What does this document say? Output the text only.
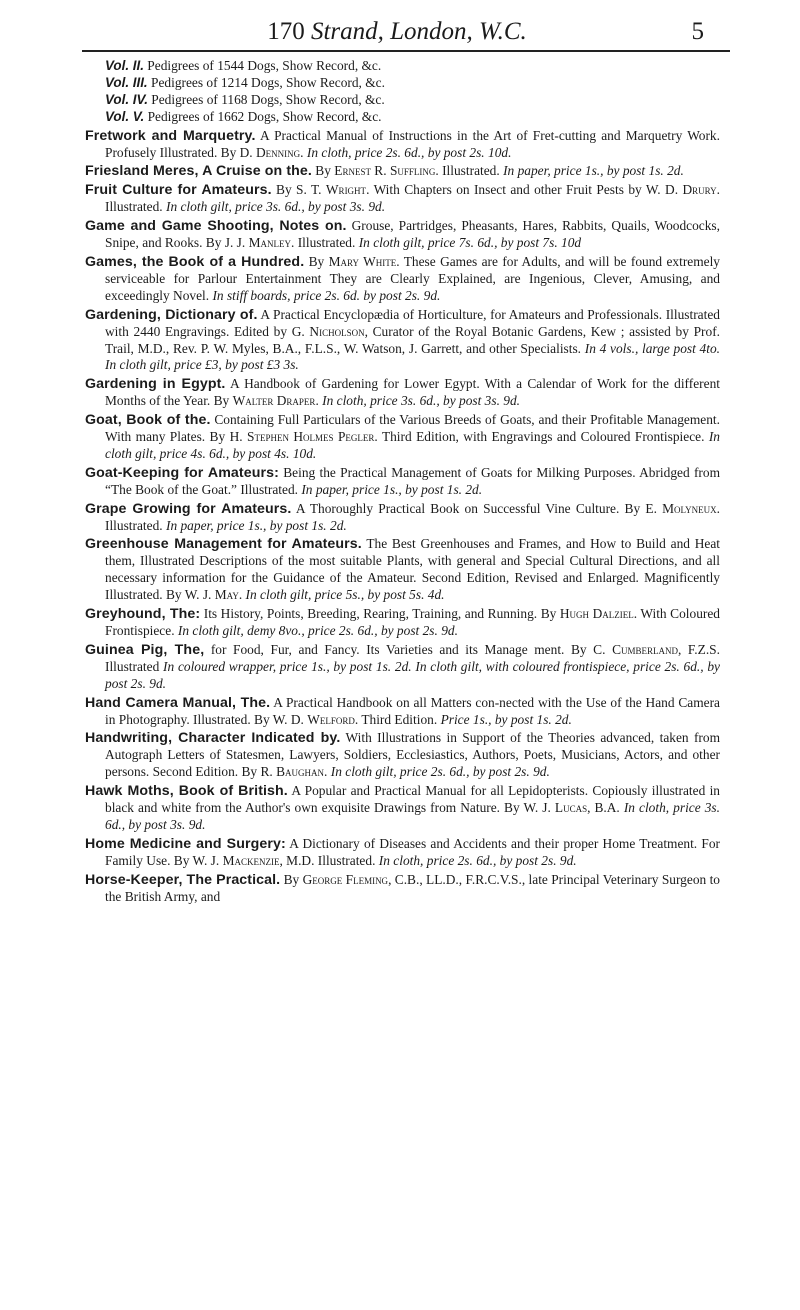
170 Strand, London, W.C.	5
Vol. II. Pedigrees of 1544 Dogs, Show Record, &c.
Vol. III. Pedigrees of 1214 Dogs, Show Record, &c.
Vol. IV. Pedigrees of 1168 Dogs, Show Record, &c.
Vol. V. Pedigrees of 1662 Dogs, Show Record, &c.
Fretwork and Marquetry. A Practical Manual of Instructions in the Art of Fret-cutting and Marquetry Work. Profusely Illustrated. By D. Denning. In cloth, price 2s. 6d., by post 2s. 10d.
Friesland Meres, A Cruise on the. By Ernest R. Suffling. Illustrated. In paper, price 1s., by post 1s. 2d.
Fruit Culture for Amateurs. By S. T. Wright. With Chapters on Insect and other Fruit Pests by W. D. Drury. Illustrated. In cloth gilt, price 3s. 6d., by post 3s. 9d.
Game and Game Shooting, Notes on. Grouse, Partridges, Pheasants, Hares, Rabbits, Quails, Woodcocks, Snipe, and Rooks. By J. J. Manley. Illustrated. In cloth gilt, price 7s. 6d., by post 7s. 10d
Games, the Book of a Hundred. By Mary White. These Games are for Adults, and will be found extremely serviceable for Parlour Entertainment They are Clearly Explained, are Ingenious, Clever, Amusing, and exceedingly Novel. In stiff boards, price 2s. 6d. by post 2s. 9d.
Gardening, Dictionary of. A Practical Encyclopædia of Horticulture, for Amateurs and Professionals. Illustrated with 2440 Engravings. Edited by G. Nicholson, Curator of the Royal Botanic Gardens, Kew ; assisted by Prof. Trail, M.D., Rev. P. W. Myles, B.A., F.L.S., W. Watson, J. Garrett, and other Specialists. In 4 vols., large post 4to. In cloth gilt, price £3, by post £3 3s.
Gardening in Egypt. A Handbook of Gardening for Lower Egypt. With a Calendar of Work for the different Months of the Year. By Walter Draper. In cloth, price 3s. 6d., by post 3s. 9d.
Goat, Book of the. Containing Full Particulars of the Various Breeds of Goats, and their Profitable Management. With many Plates. By H. Stephen Holmes Pegler. Third Edition, with Engravings and Coloured Frontispiece. In cloth gilt, price 4s. 6d., by post 4s. 10d.
Goat-Keeping for Amateurs: Being the Practical Management of Goats for Milking Purposes. Abridged from “The Book of the Goat.” Illustrated. In paper, price 1s., by post 1s. 2d.
Grape Growing for Amateurs. A Thoroughly Practical Book on Successful Vine Culture. By E. Molyneux. Illustrated. In paper, price 1s., by post 1s. 2d.
Greenhouse Management for Amateurs. The Best Greenhouses and Frames, and How to Build and Heat them, Illustrated Descriptions of the most suitable Plants, with general and Special Cultural Directions, and all necessary information for the Guidance of the Amateur. Second Edition, Revised and Enlarged. Magnificently Illustrated. By W. J. May. In cloth gilt, price 5s., by post 5s. 4d.
Greyhound, The: Its History, Points, Breeding, Rearing, Training, and Running. By Hugh Dalziel. With Coloured Frontispiece. In cloth gilt, demy 8vo., price 2s. 6d., by post 2s. 9d.
Guinea Pig, The, for Food, Fur, and Fancy. Its Varieties and its Manage ment. By C. Cumberland, F.Z.S. Illustrated In coloured wrapper, price 1s., by post 1s. 2d. In cloth gilt, with coloured frontispiece, price 2s. 6d., by post 2s. 9d.
Hand Camera Manual, The. A Practical Handbook on all Matters con-nected with the Use of the Hand Camera in Photography. Illustrated. By W. D. Welford. Third Edition. Price 1s., by post 1s. 2d.
Handwriting, Character Indicated by. With Illustrations in Support of the Theories advanced, taken from Autograph Letters of Statesmen, Lawyers, Soldiers, Ecclesiastics, Authors, Poets, Musicians, Actors, and other persons. Second Edition. By R. Baughan. In cloth gilt, price 2s. 6d., by post 2s. 9d.
Hawk Moths, Book of British. A Popular and Practical Manual for all Lepidopterists. Copiously illustrated in black and white from the Author's own exquisite Drawings from Nature. By W. J. Lucas, B.A. In cloth, price 3s. 6d., by post 3s. 9d.
Home Medicine and Surgery: A Dictionary of Diseases and Accidents and their proper Home Treatment. For Family Use. By W. J. Mackenzie, M.D. Illustrated. In cloth, price 2s. 6d., by post 2s. 9d.
Horse-Keeper, The Practical. By George Fleming, C.B., LL.D., F.R.C.V.S., late Principal Veterinary Surgeon to the British Army, and
